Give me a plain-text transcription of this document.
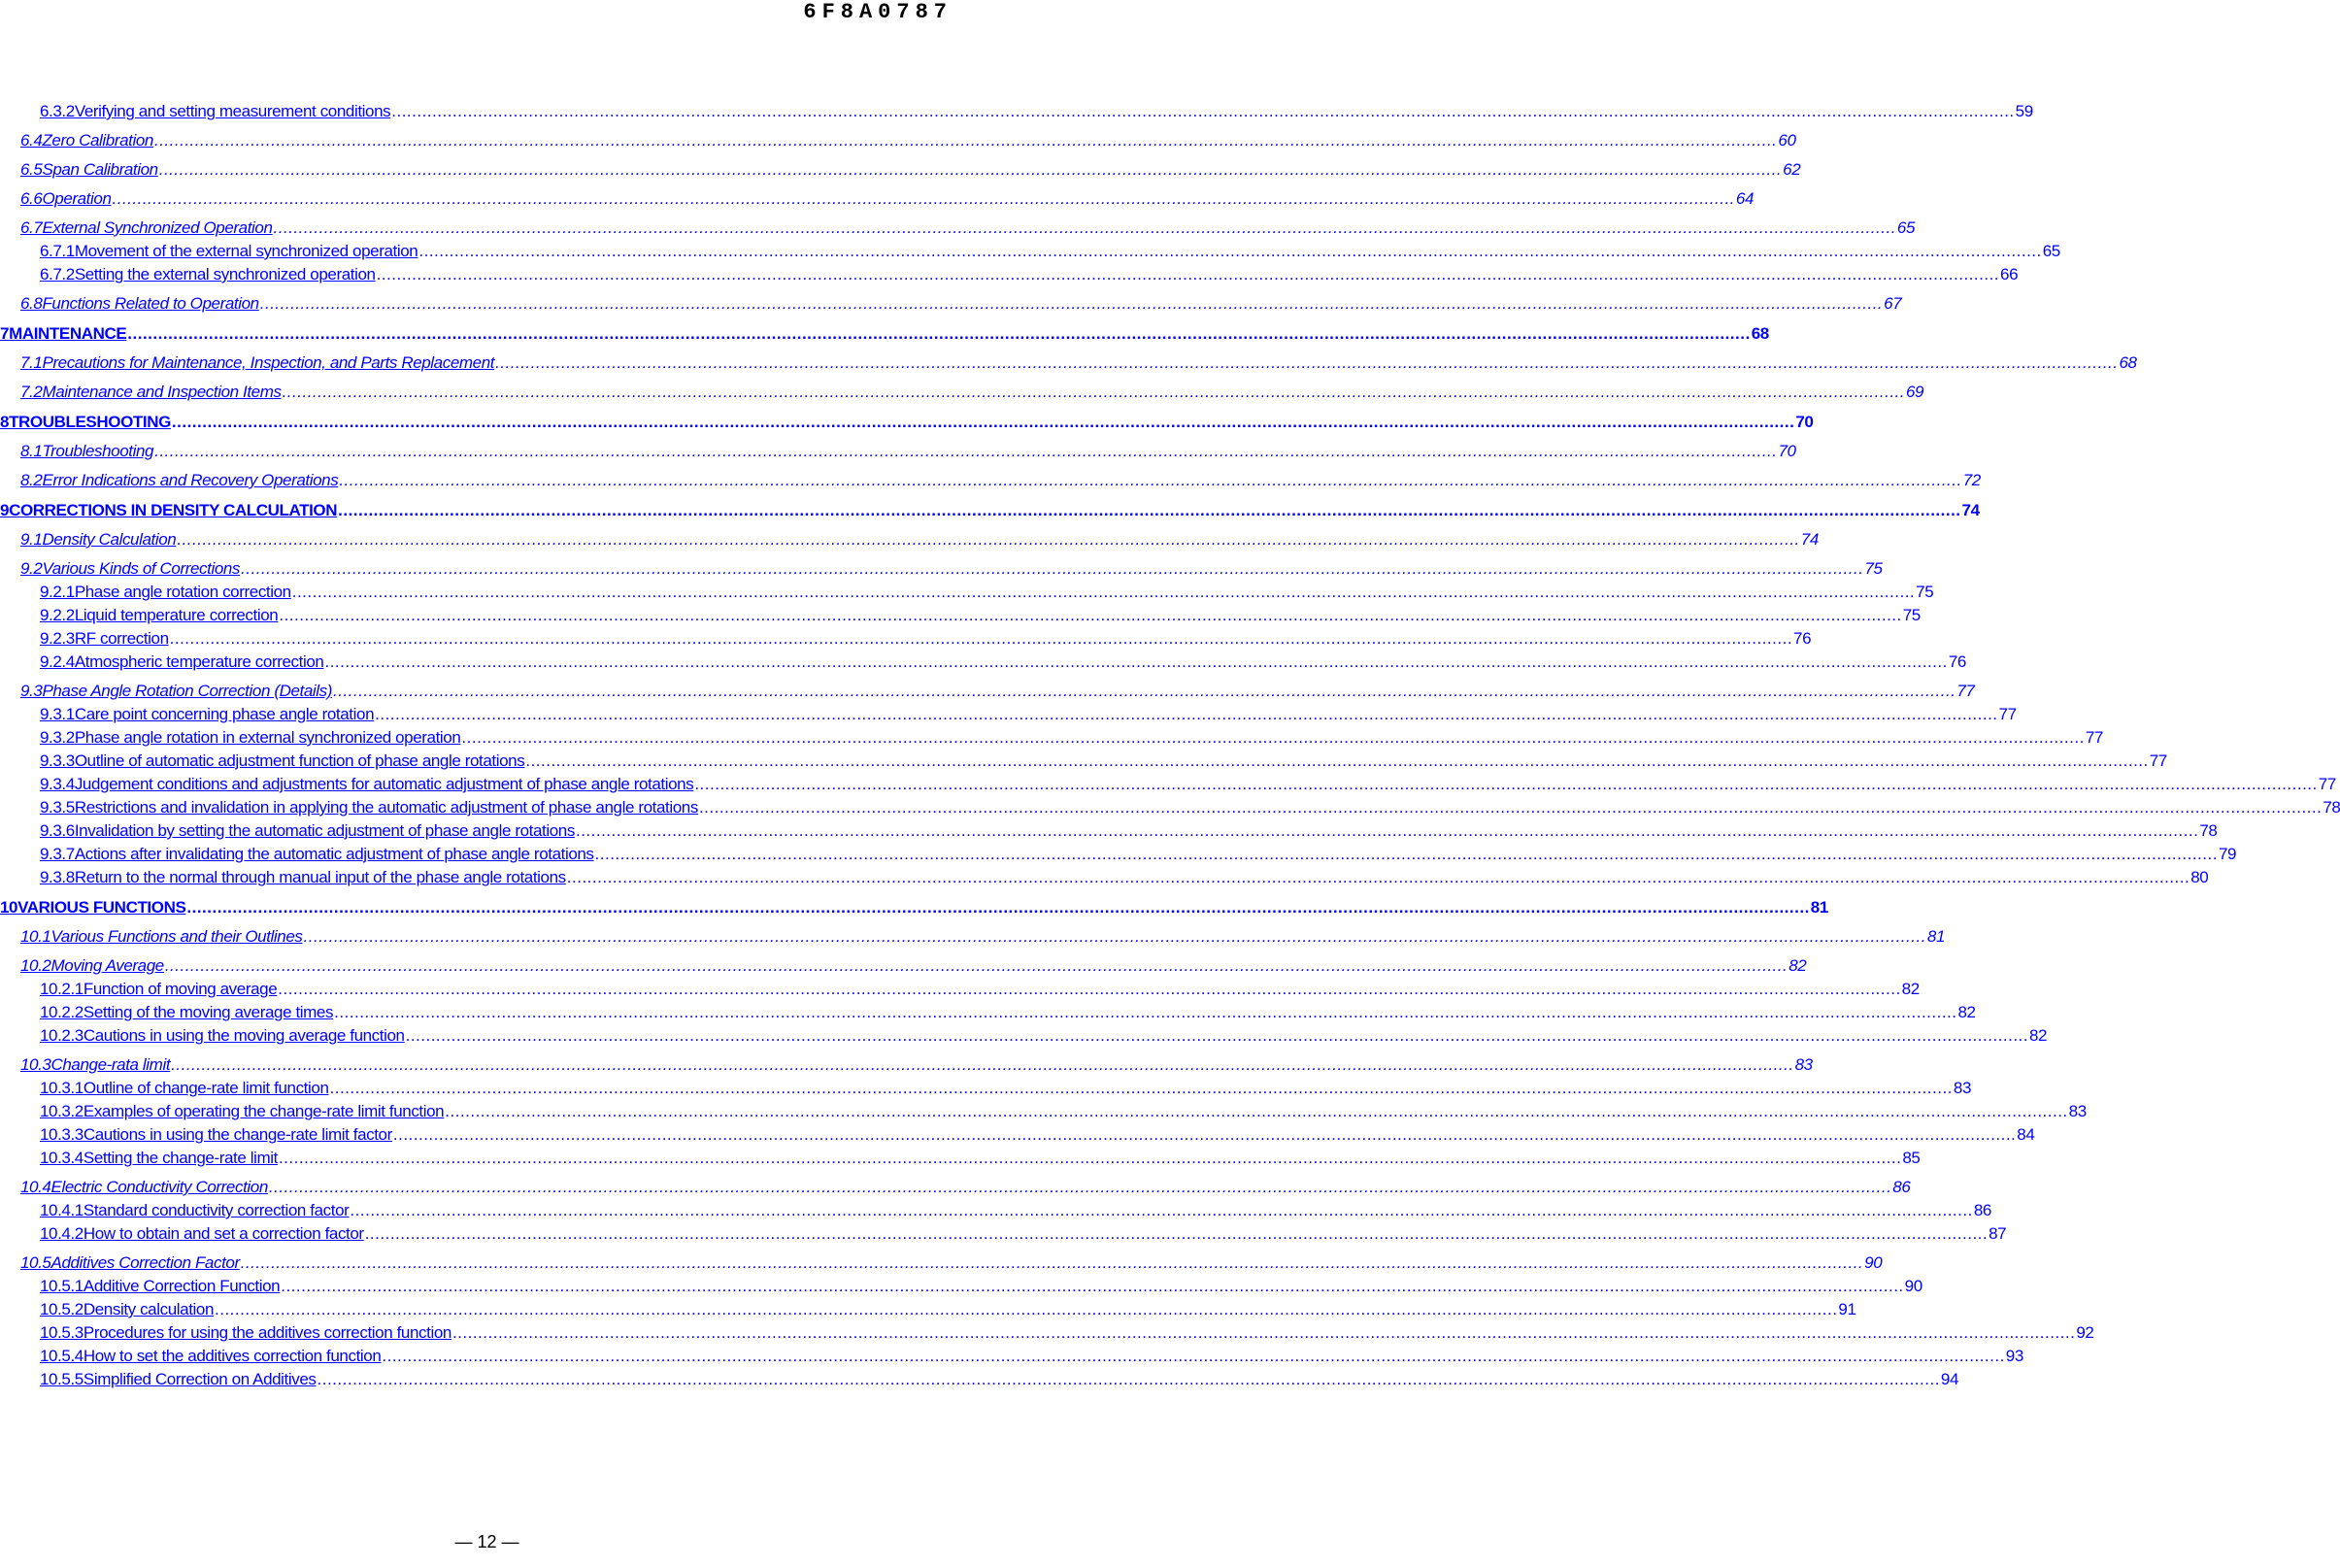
6F8A0787
6.3.2 Verifying and setting measurement conditions .....	59
6.4 Zero Calibration .....	60
6.5 Span Calibration .....	62
6.6 Operation .....	64
6.7 External Synchronized Operation .....	65
6.7.1 Movement of the external synchronized operation .....	65
6.7.2 Setting the external synchronized operation .....	66
6.8 Functions Related to Operation .....	67
7 MAINTENANCE .....	68
7.1 Precautions for Maintenance, Inspection, and Parts Replacement .....	68
7.2 Maintenance and Inspection Items .....	69
8 TROUBLESHOOTING .....	70
8.1 Troubleshooting .....	70
8.2 Error Indications and Recovery Operations .....	72
9 CORRECTIONS IN DENSITY CALCULATION .....	74
9.1 Density Calculation .....	74
9.2 Various Kinds of Corrections .....	75
9.2.1 Phase angle rotation correction .....	75
9.2.2 Liquid temperature correction .....	75
9.2.3 RF correction .....	76
9.2.4 Atmospheric temperature correction .....	76
9.3 Phase Angle Rotation Correction (Details) .....	77
9.3.1 Care point concerning phase angle rotation .....	77
9.3.2 Phase angle rotation in external synchronized operation .....	77
9.3.3 Outline of automatic adjustment function of phase angle rotations .....	77
9.3.4 Judgement conditions and adjustments for automatic adjustment of phase angle rotations .....	77
9.3.5 Restrictions and invalidation in applying the automatic adjustment of phase angle rotations .....	78
9.3.6 Invalidation by setting the automatic adjustment of phase angle rotations .....	78
9.3.7 Actions after invalidating the automatic adjustment of phase angle rotations .....	79
9.3.8 Return to the normal through manual input of the phase angle rotations .....	80
10 VARIOUS FUNCTIONS .....	81
10.1 Various Functions and their Outlines .....	81
10.2 Moving Average .....	82
10.2.1 Function of moving average .....	82
10.2.2 Setting of the moving average times .....	82
10.2.3 Cautions in using the moving average function .....	82
10.3 Change-rata limit .....	83
10.3.1 Outline of change-rate limit function .....	83
10.3.2 Examples of operating the change-rate limit function .....	83
10.3.3 Cautions in using the change-rate limit factor .....	84
10.3.4 Setting the change-rate limit .....	85
10.4 Electric Conductivity Correction .....	86
10.4.1 Standard conductivity correction factor .....	86
10.4.2 How to obtain and set a correction factor .....	87
10.5 Additives Correction Factor .....	90
10.5.1 Additive Correction Function .....	90
10.5.2 Density calculation .....	91
10.5.3 Procedures for using the additives correction function .....	92
10.5.4 How to set the additives correction function .....	93
10.5.5 Simplified Correction on Additives .....	94
— 12 —
